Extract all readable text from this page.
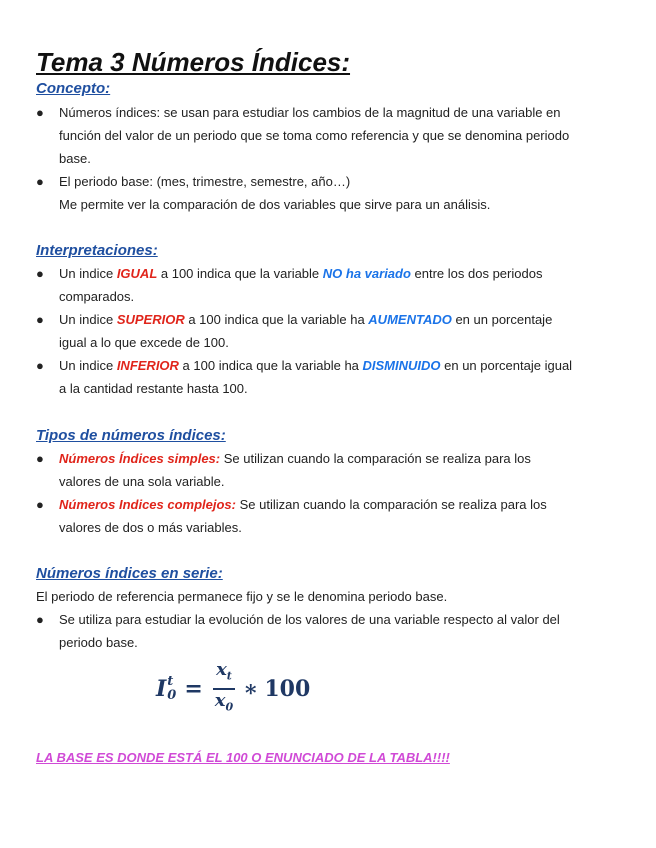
Tema 3 Números Índices:
Concepto:
● Números índices: se usan para estudiar los cambios de la magnitud de una variable en
función del valor de un periodo que se toma como referencia y que se denomina periodo
base.
● El periodo base: (mes, trimestre, semestre, año…)
Me permite ver la comparación de dos variables que sirve para un análisis.
Interpretaciones:
● Un indice IGUAL a 100 indica que la variable NO ha variado entre los dos periodos
comparados.
● Un indice SUPERIOR a 100 indica que la variable ha AUMENTADO en un porcentaje
igual a lo que excede de 100.
● Un indice INFERIOR a 100 indica que la variable ha DISMINUIDO en un porcentaje igual
a la cantidad restante hasta 100.
Tipos de números índices:
● Números Índices simples: Se utilizan cuando la comparación se realiza para los
valores de una sola variable.
● Números Indices complejos: Se utilizan cuando la comparación se realiza para los
valores de dos o más variables.
Números índices en serie:

El periodo de referencia permanece fijo y se le denomina periodo base.

● Se utiliza para estudiar la evolución de los valores de una variable respecto al valor del
periodo base.
I t
$0 = \frac{x_t}{x_0}$ ∗ 100

LA BASE ES DONDE ESTÁ EL 100 O ENUNCIADO DE LA TABLA!!!!
